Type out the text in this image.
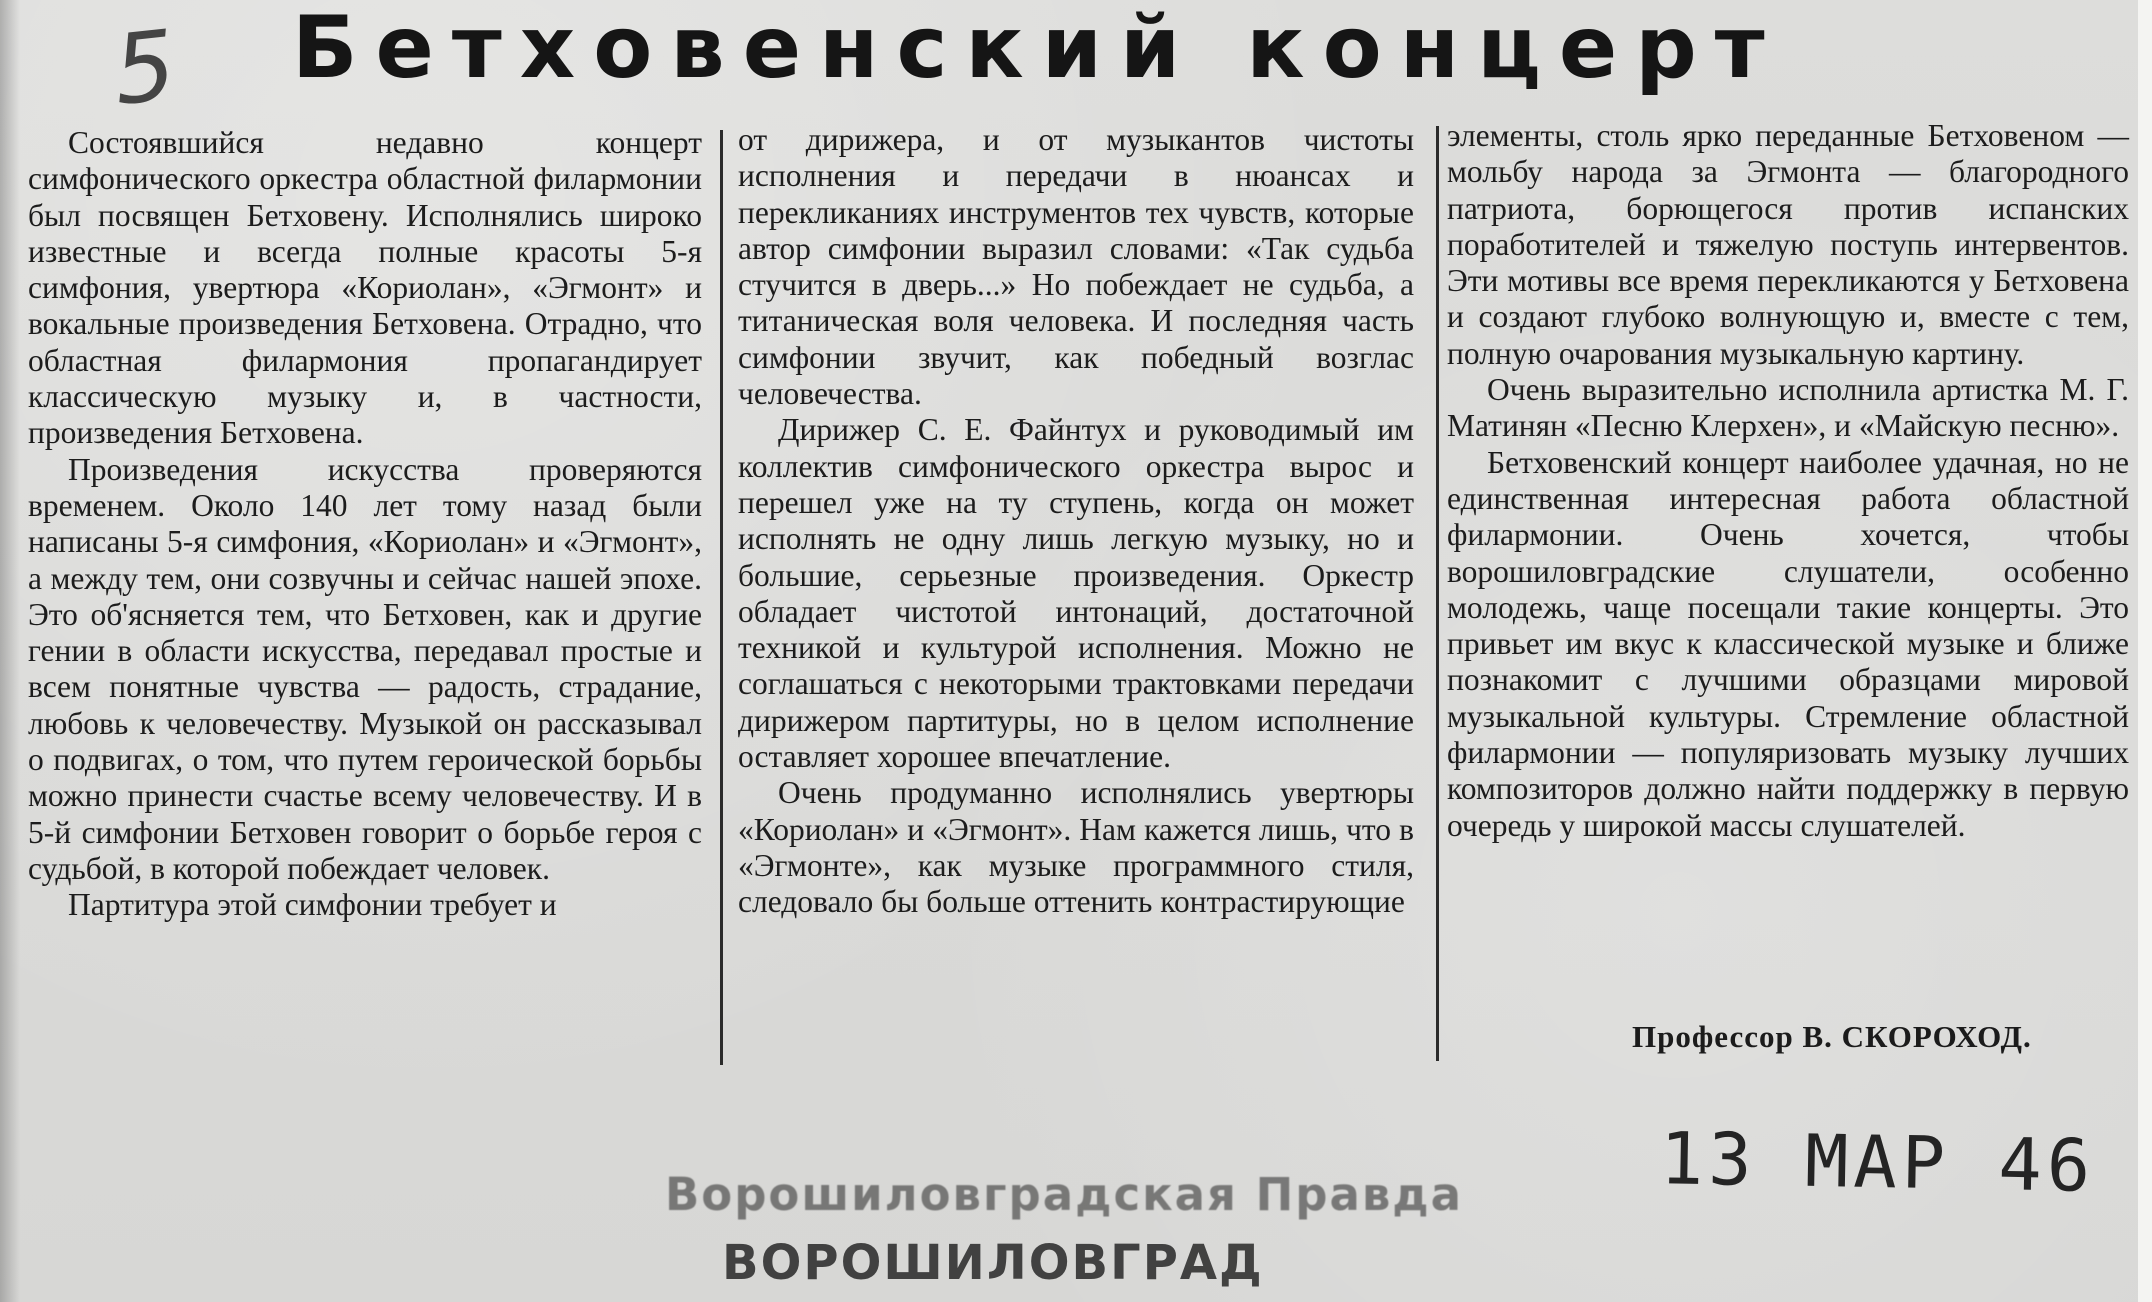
5 Бетховенский концерт

Состоявшийся недавно концерт симфонического оркестра областной филармонии был посвящен Бетховену. Исполнялись широко известные и всегда полные красоты 5-я симфония, увертюра «Кориолан», «Эгмонт» и вокальные произведения Бетховена. Отрадно, что областная филармония пропагандирует классическую музыку и, в частности, произведения Бетховена.

Произведения искусства проверяются временем. Около 140 лет тому назад были написаны 5-я симфония, «Кориолан» и «Эгмонт», а между тем, они созвучны и сейчас нашей эпохе. Это об'ясняется тем, что Бетховен, как и другие гении в области искусства, передавал простые и всем понятные чувства — радость, страдание, любовь к человечеству. Музыкой он рассказывал о подвигах, о том, что путем героической борьбы можно принести счастье всему человечеству. И в 5-й симфонии Бетховен говорит о борьбе героя с судьбой, в которой побеждает человек.

Партитура этой симфонии требует и

от дирижера, и от музыкантов чистоты исполнения и передачи в нюансах и перекликаниях инструментов тех чувств, которые автор симфонии выразил словами: «Так судьба стучится в дверь...» Но побеждает не судьба, а титаническая воля человека. И последняя часть симфонии звучит, как победный возглас человечества.

Дирижер С. Е. Файнтух и руководимый им коллектив симфонического оркестра вырос и перешел уже на ту ступень, когда он может исполнять не одну лишь легкую музыку, но и большие, серьезные произведения. Оркестр обладает чистотой интонаций, достаточной техникой и культурой исполнения. Можно не соглашаться с некоторыми трактовками передачи дирижером партитуры, но в целом исполнение оставляет хорошее впечатление.

Очень продуманно исполнялись увертюры «Кориолан» и «Эгмонт». Нам кажется лишь, что в «Эгмонте», как музыке программного стиля, следовало бы больше оттенить контрастирующие

элементы, столь ярко переданные Бетховеном — мольбу народа за Эгмонта — благородного патриота, борющегося против испанских поработителей и тяжелую поступь интервентов. Эти мотивы все время перекликаются у Бетховена и создают глубоко волнующую и, вместе с тем, полную очарования музыкальную картину.

Очень выразительно исполнила артистка М. Г. Матинян «Песню Клерхен», и «Майскую песню».

Бетховенский концерт наиболее удачная, но не единственная интересная работа областной филармонии. Очень хочется, чтобы ворошиловградские слушатели, особенно молодежь, чаще посещали такие концерты. Это привьет им вкус к классической музыке и ближе познакомит с лучшими образцами мировой музыкальной культуры. Стремление областной филармонии — популяризовать музыку лучших композиторов должно найти поддержку в первую очередь у широкой массы слушателей.

Профессор В. СКОРОХОД.
13 МАР 46
Ворошиловградская Правда
ВОРОШИЛОВГРАД
